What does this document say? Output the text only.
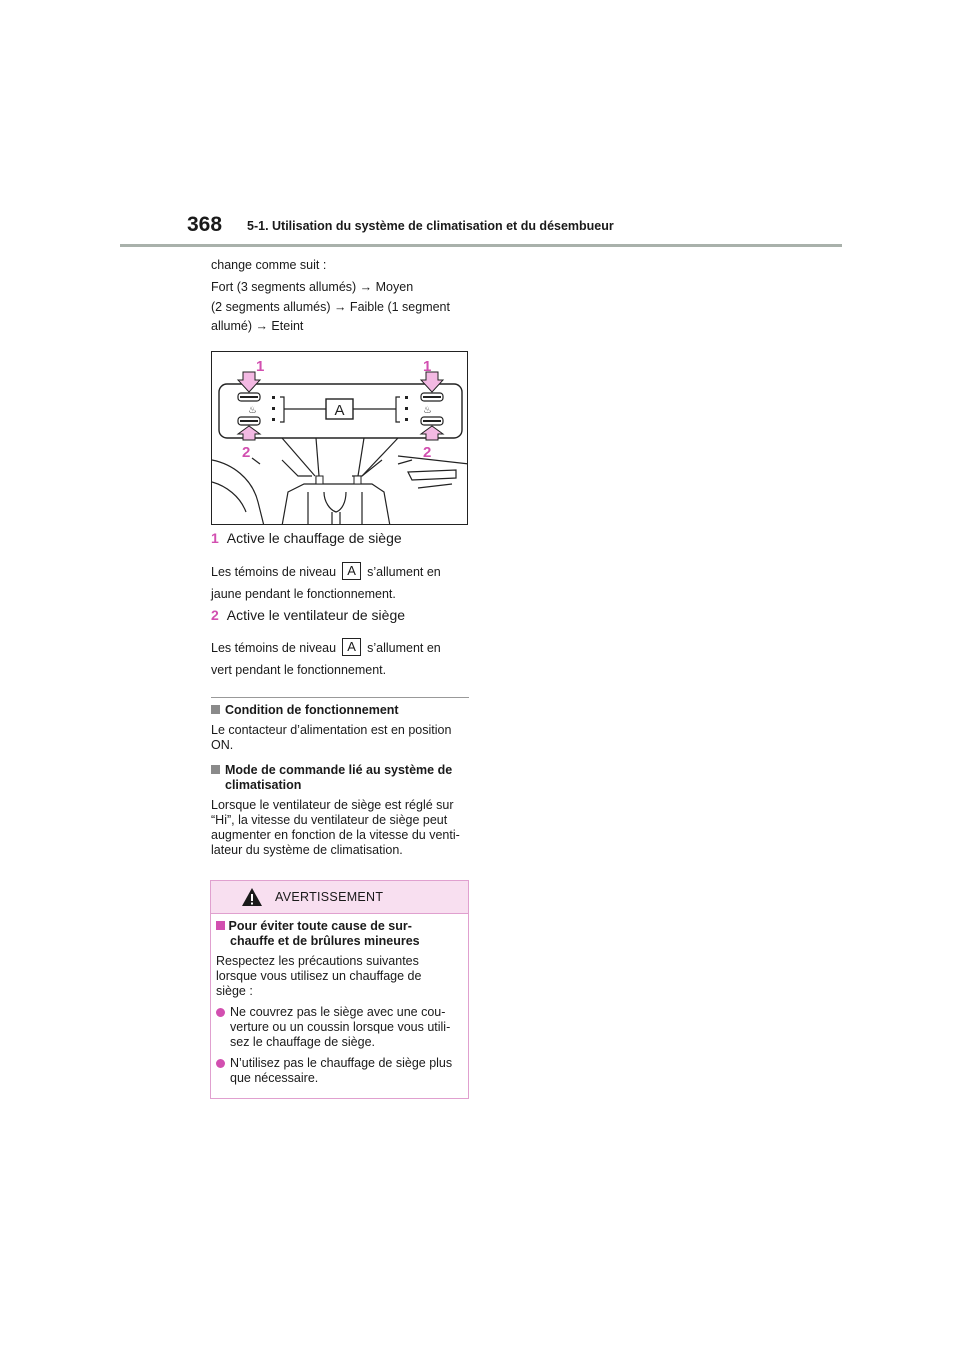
368 5-1. Utilisation du système de climatisation et du désembueur

change comme suit :

Fort (3 segments allumés) → Moyen

(2 segments allumés) → Faible (1 segment

allumé) → Eteint

♨	♨
A
1	1
2	2
1 Active le chauffage de siège
Les témoins de niveau A s’allument en
jaune pendant le fonctionnement.
2 Active le ventilateur de siège
Les témoins de niveau A s’allument en
vert pendant le fonctionnement.
Condition de fonctionnement

Le contacteur d’alimentation est en position ON.

Mode de commande lié au système de
climatisation

Lorsque le ventilateur de siège est réglé sur

“Hi”, la vitesse du ventilateur de siège peut

augmenter en fonction de la vitesse du venti-

lateur du système de climatisation.

AVERTISSEMENT
Pour éviter toute cause de sur-
chauffe et de brûlures mineures

Respectez les précautions suivantes

lorsque vous utilisez un chauffage de

siège :

Ne couvrez pas le siège avec une cou-

verture ou un coussin lorsque vous utili-

sez le chauffage de siège.

N’utilisez pas le chauffage de siège plus

que nécessaire.
